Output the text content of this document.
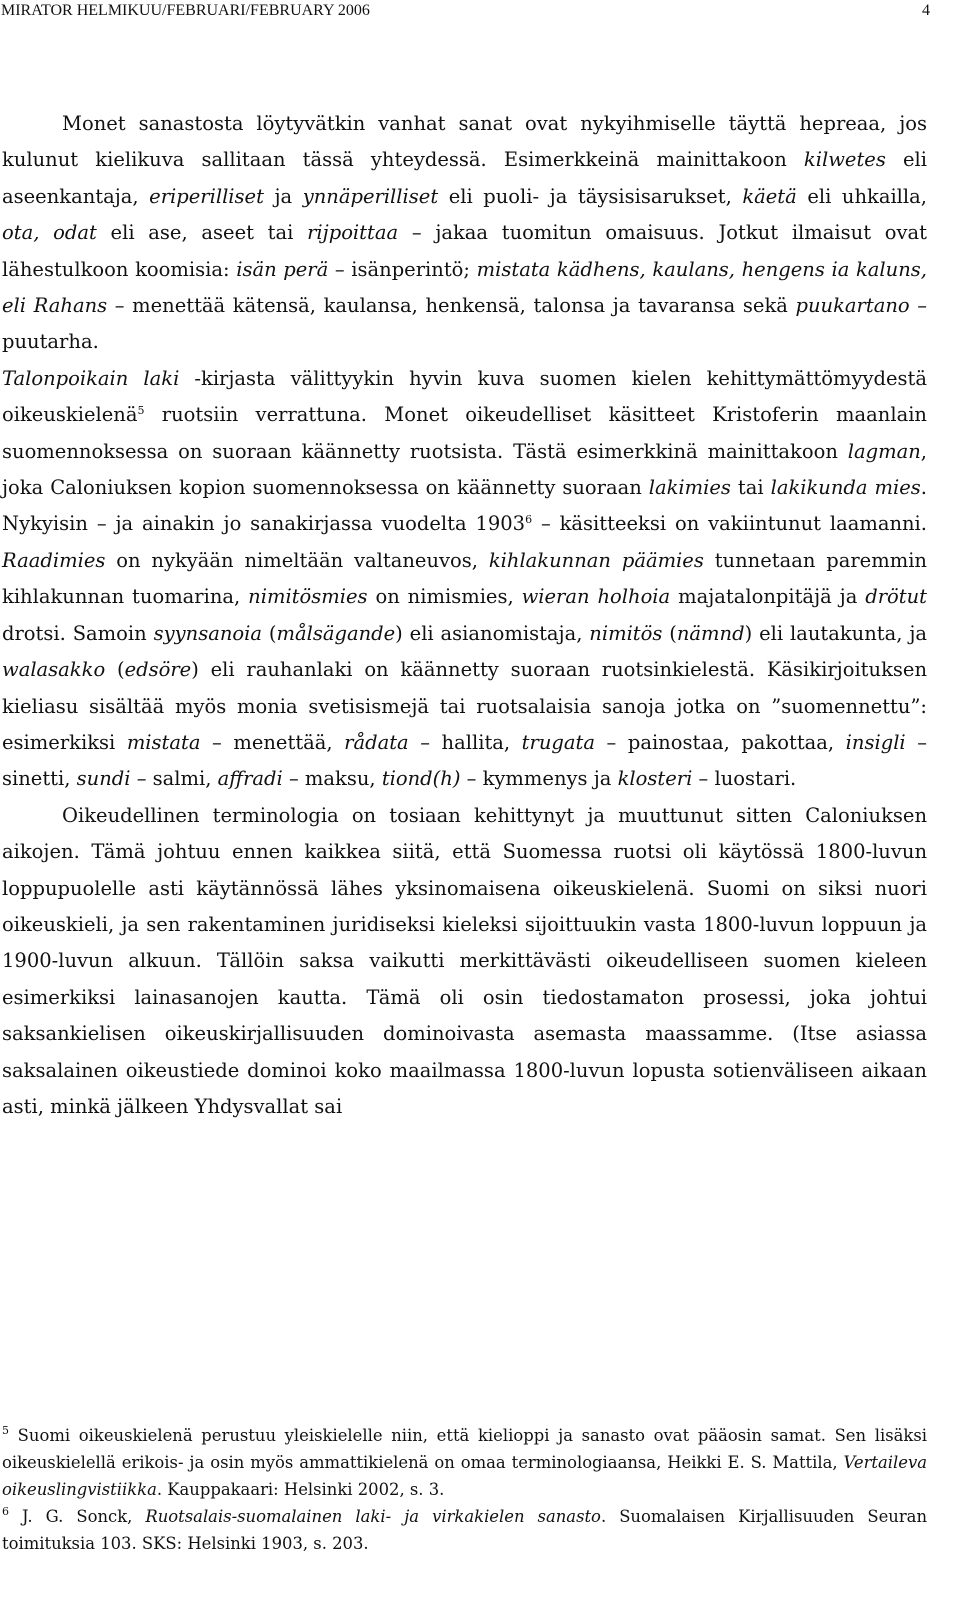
MIRATOR HELMIKUU/FEBRUARI/FEBRUARY 2006	4

Monet sanastosta löytyvätkin vanhat sanat ovat nykyihmiselle täyttä hepreaa, jos kulunut kielikuva sallitaan tässä yhteydessä. Esimerkkeinä mainittakoon kilwetes eli aseenkantaja, eriperilliset ja ynnäperilliset eli puoli- ja täysisisarukset, käetä eli uhkailla, ota, odat eli ase, aseet tai rijpoittaa – jakaa tuomitun omaisuus. Jotkut ilmaisut ovat lähestulkoon koomisia: isän perä – isänperintö; mistata kädhens, kaulans, hengens ia kaluns, eli Rahans – menettää kätensä, kaulansa, henkensä, talonsa ja tavaransa sekä puukartano – puutarha.

Talonpoikain laki -kirjasta välittyykin hyvin kuva suomen kielen kehittymättömyydestä oikeuskielenä$^5$ ruotsiin verrattuna. Monet oikeudelliset käsitteet Kristoferin maanlain suomennoksessa on suoraan käännetty ruotsista. Tästä esimerkkinä mainittakoon lagman, joka Caloniuksen kopion suomennoksessa on käännetty suoraan lakimies tai lakikunda mies. Nykyisin – ja ainakin jo sanakirjassa vuodelta 1903$^6$ – käsitteeksi on vakiintunut laamanni. Raadimies on nykyään nimeltään valtaneuvos, kihlakunnan päämies tunnetaan paremmin kihlakunnan tuomarina, nimitösmies on nimismies, wieran holhoia majatalonpitäjä ja drötut drotsi. Samoin syynsanoia (målsägande) eli asianomistaja, nimitös (nämnd) eli lautakunta, ja walasakko (edsöre) eli rauhanlaki on käännetty suoraan ruotsinkielestä. Käsikirjoituksen kieliasu sisältää myös monia svetisismejä tai ruotsalaisia sanoja jotka on ”suomennettu”: esimerkiksi mistata – menettää, rådata – hallita, trugata – painostaa, pakottaa, insigli – sinetti, sundi – salmi, affradi – maksu, tiond(h) – kymmenys ja klosteri – luostari.

Oikeudellinen terminologia on tosiaan kehittynyt ja muuttunut sitten Caloniuksen aikojen. Tämä johtuu ennen kaikkea siitä, että Suomessa ruotsi oli käytössä 1800-luvun loppupuolelle asti käytännössä lähes yksinomaisena oikeuskielenä. Suomi on siksi nuori oikeuskieli, ja sen rakentaminen juridiseksi kieleksi sijoittuukin vasta 1800-luvun loppuun ja 1900-luvun alkuun. Tällöin saksa vaikutti merkittävästi oikeudelliseen suomen kieleen esimerkiksi lainasanojen kautta. Tämä oli osin tiedostamaton prosessi, joka johtui saksankielisen oikeuskirjallisuuden dominoivasta asemasta maassamme. (Itse asiassa saksalainen oikeustiede dominoi koko maailmassa 1800-luvun lopusta sotienväliseen aikaan asti, minkä jälkeen Yhdysvallat sai

$^5$ Suomi oikeuskielenä perustuu yleiskielelle niin, että kielioppi ja sanasto ovat pääosin samat. Sen lisäksi oikeuskielellä erikois- ja osin myös ammattikielenä on omaa terminologiaansa, Heikki E. S. Mattila, Vertaileva oikeuslingvistiikka. Kauppakaari: Helsinki 2002, s. 3.

$^6$ J. G. Sonck, Ruotsalais-suomalainen laki- ja virkakielen sanasto. Suomalaisen Kirjallisuuden Seuran toimituksia 103. SKS: Helsinki 1903, s. 203.
